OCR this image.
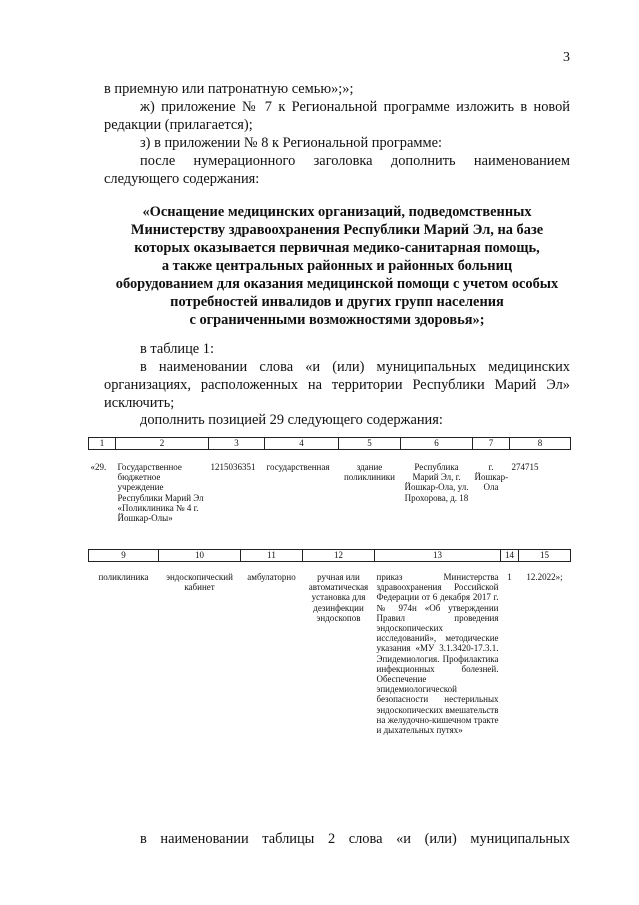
3
в приемную или патронатную семью»;»;
ж) приложение № 7 к Региональной программе изложить в новой
редакции (прилагается);
з) в приложении № 8 к Региональной программе:
после нумерационного заголовка дополнить наименованием
следующего содержания:
«Оснащение медицинских организаций, подведомственных
Министерству здравоохранения Республики Марий Эл, на базе
которых оказывается первичная медико-санитарная помощь,
а также центральных районных и районных больниц
оборудованием для оказания медицинской помощи с учетом особых
потребностей инвалидов и других групп населения
с ограниченными возможностями здоровья»;
в таблице 1:
в наименовании слова «и (или) муниципальных медицинских
организациях, расположенных на территории Республики Марий Эл»
исключить;
дополнить позицией 29 следующего содержания:
1	2	3	4	5	6	7	8
«29.	Государственное бюджетное учреждение Республики Марий Эл «Поликлиника № 4 г. Йошкар-Олы»	1215036351	государственная	здание поликлиники	Республика Марий Эл, г. Йошкар-Ола, ул. Прохорова, д. 18	г. Йошкар-Ола	274715
9	10	11	12	13	14	15
поликлиника	эндоскопический кабинет	амбулаторно	ручная или автоматическая установка для дезинфекции эндоскопов	приказ Министерства здравоохранения Российской Федерации от 6 декабря 2017 г. № 974н «Об утверждении Правил проведения эндоскопических исследований», методические указания «МУ 3.1.3420-17.3.1. Эпидемиология. Профилактика инфекционных болезней. Обеспечение эпидемиологической безопасности нестерильных эндоскопических вмешательств на желудочно-кишечном тракте и дыхательных путях»	1	12.2022»;
в наименовании таблицы 2 слова «и (или) муниципальных
